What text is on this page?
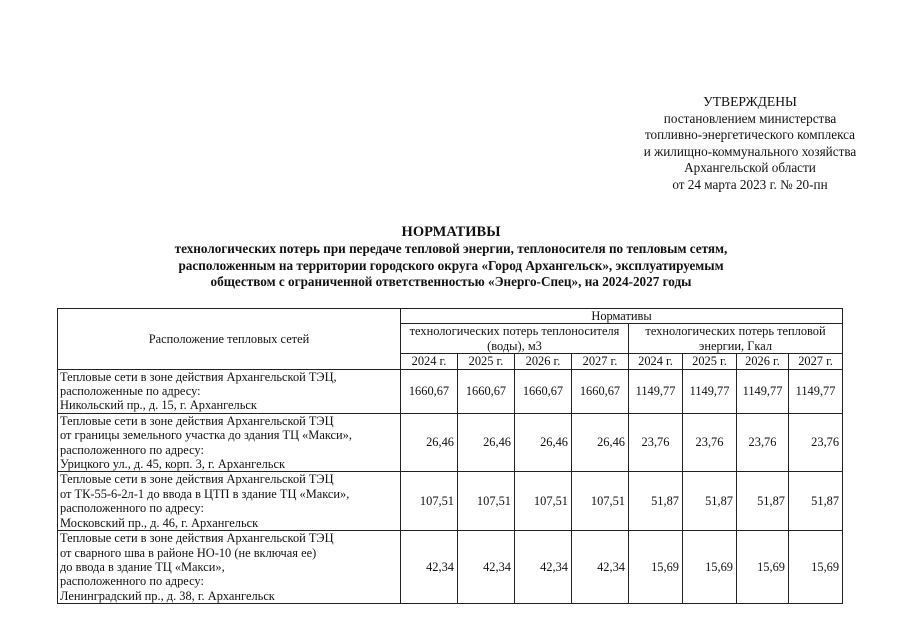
УТВЕРЖДЕНЫ
постановлением министерства
топливно-энергетического комплекса
и жилищно-коммунального хозяйства
Архангельской области
от 24 марта 2023 г. № 20-пн
НОРМАТИВЫ
технологических потерь при передаче тепловой энергии, теплоносителя по тепловым сетям,
расположенным на территории городского округа «Город Архангельск», эксплуатируемым
обществом с ограниченной ответственностью «Энерго-Спец», на 2024-2027 годы
Расположение тепловых сетей	Нормативы							
	технологических потерь теплоносителя (воды), м3				технологических потерь тепловой энергии, Гкал			
	2024 г.	2025 г.	2026 г.	2027 г.	2024 г.	2025 г.	2026 г.	2027 г.

Тепловые сети в зоне действия Архангельской ТЭЦ,
расположенные по адресу:
Никольский пр., д. 15, г. Архангельск	1660,67	1660,67	1660,67	1660,67	1149,77	1149,77	1149,77	1149,77

Тепловые сети в зоне действия Архангельской ТЭЦ
от границы земельного участка до здания ТЦ «Макси»,
расположенного по адресу:
Урицкого ул., д. 45, корп. 3, г. Архангельск	26,46	26,46	26,46	26,46	23,76	23,76	23,76	23,76

Тепловые сети в зоне действия Архангельской ТЭЦ
от ТК-55-6-2л-1 до ввода в ЦТП в здание ТЦ «Макси»,
расположенного по адресу:
Московский пр., д. 46, г. Архангельск	107,51	107,51	107,51	107,51	51,87	51,87	51,87	51,87

Тепловые сети в зоне действия Архангельской ТЭЦ
от сварного шва в районе НО-10 (не включая ее)
до ввода в здание ТЦ «Макси»,
расположенного по адресу:
Ленинградский пр., д. 38, г. Архангельск	42,34	42,34	42,34	42,34	15,69	15,69	15,69	15,69
